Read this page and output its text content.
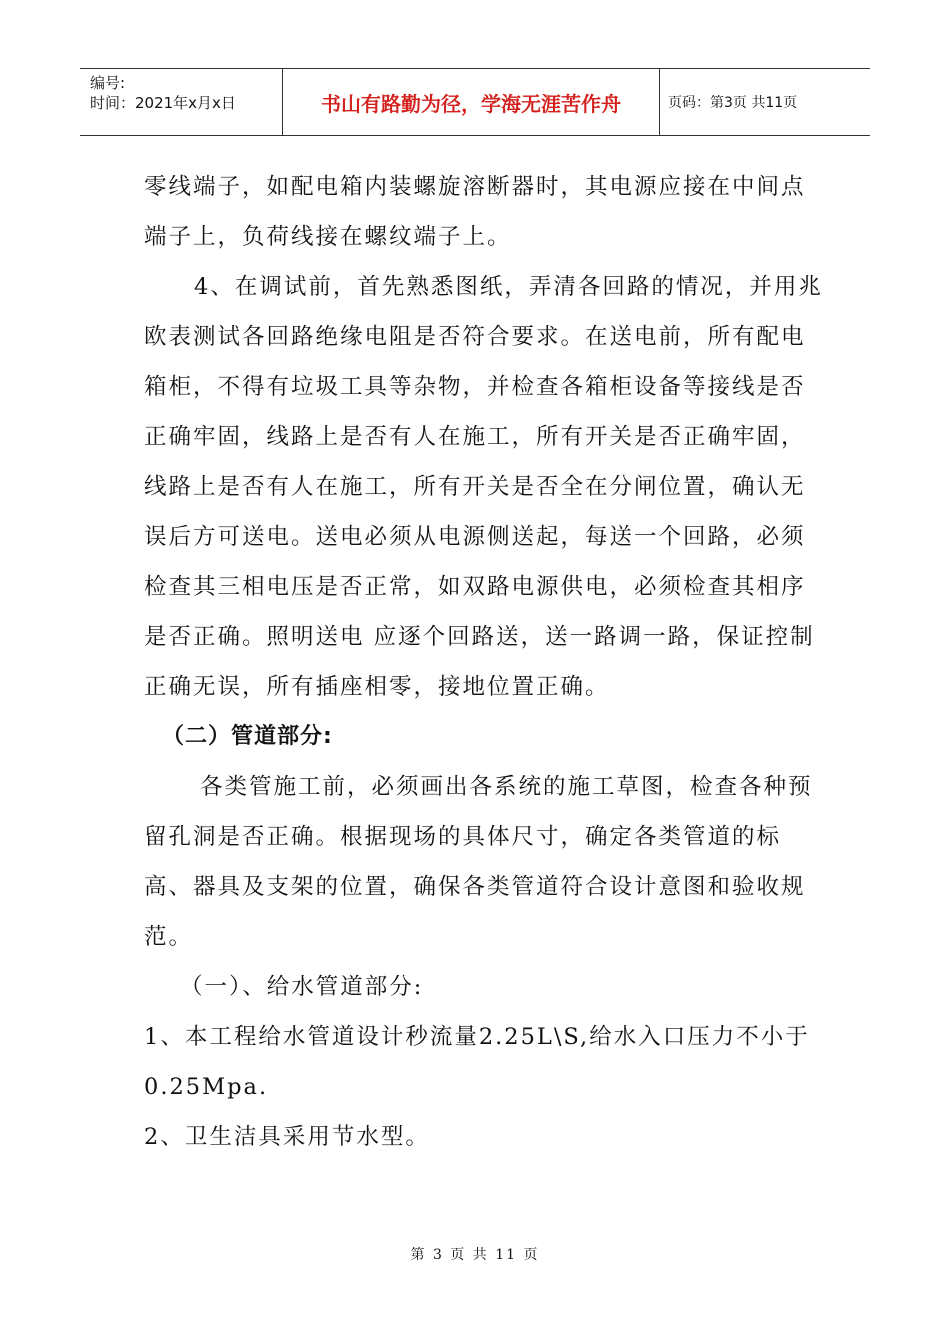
编号:
时间：2021年x月x日	书山有路勤为径，学海无涯苦作舟	页码：第3页 共11页

零线端子，如配电箱内装螺旋溶断器时，其电源应接在中间点端子上，负荷线接在螺纹端子上。

4、在调试前，首先熟悉图纸，弄清各回路的情况，并用兆欧表测试各回路绝缘电阻是否符合要求。在送电前，所有配电箱柜，不得有垃圾工具等杂物，并检查各箱柜设备等接线是否正确牢固，线路上是否有人在施工，所有开关是否正确牢固，线路上是否有人在施工，所有开关是否全在分闸位置，确认无误后方可送电。送电必须从电源侧送起，每送一个回路，必须检查其三相电压是否正常，如双路电源供电，必须检查其相序是否正确。照明送电 应逐个回路送，送一路调一路，保证控制正确无误，所有插座相零，接地位置正确。

（二）管道部分:

各类管施工前，必须画出各系统的施工草图，检查各种预留孔洞是否正确。根据现场的具体尺寸，确定各类管道的标高、器具及支架的位置，确保各类管道符合设计意图和验收规范。

（一）、给水管道部分:

1、本工程给水管道设计秒流量2.25L\S,给水入口压力不小于0.25Mpa.

2、卫生洁具采用节水型。

第 3 页 共 11 页
